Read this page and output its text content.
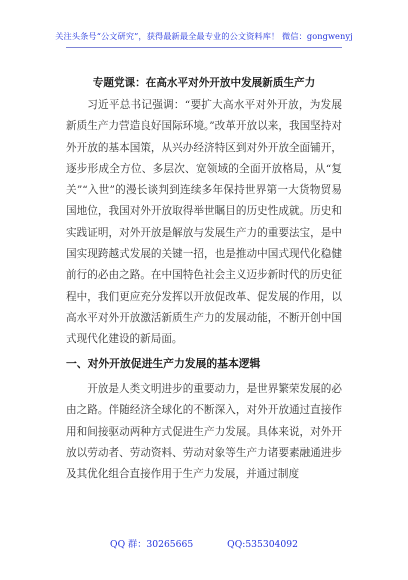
关注头条号“公文研究”，获得最新最全最专业的公文资料库！ 微信：gongwenyj
专题党课：在高水平对外开放中发展新质生产力

习近平总书记强调：“要扩大高水平对外开放，为发展新质生产力营造良好国际环境。”改革开放以来，我国坚持对外开放的基本国策，从兴办经济特区到对外开放全面铺开，逐步形成全方位、多层次、宽领域的全面开放格局，从“复关”“入世”的漫长谈判到连续多年保持世界第一大货物贸易国地位，我国对外开放取得举世瞩目的历史性成就。历史和实践证明，对外开放是解放与发展生产力的重要法宝，是中国实现跨越式发展的关键一招，也是推动中国式现代化稳健前行的必由之路。在中国特色社会主义迈步新时代的历史征程中，我们更应充分发挥以开放促改革、促发展的作用，以高水平对外开放激活新质生产力的发展动能，不断开创中国式现代化建设的新局面。

一、对外开放促进生产力发展的基本逻辑

开放是人类文明进步的重要动力，是世界繁荣发展的必由之路。伴随经济全球化的不断深入，对外开放通过直接作用和间接驱动两种方式促进生产力发展。具体来说，对外开放以劳动者、劳动资料、劳动对象等生产力诸要素融通进步及其优化组合直接作用于生产力发展，并通过制度

QQ 群：30265665	QQ:535304092
